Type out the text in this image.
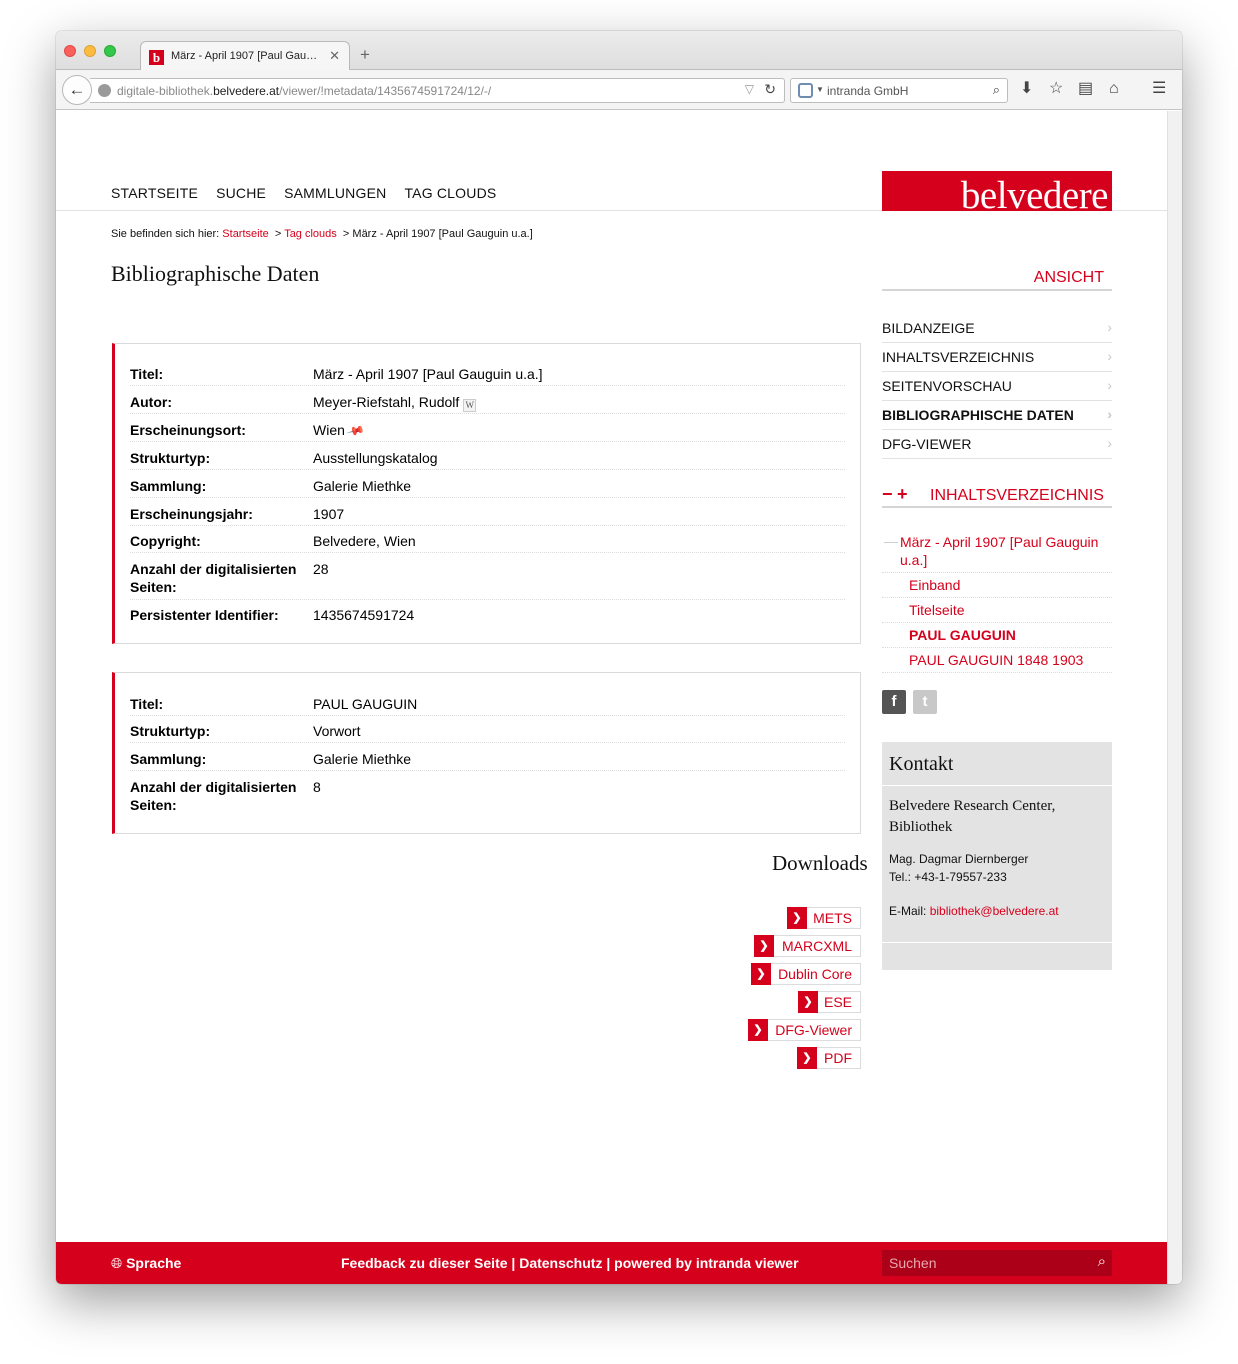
b März - April 1907 [Paul Gau… ✕ +
digitale-bibliothek.belvedere.at/viewer/!metadata/1435674591724/12/-/	▽ ↻
←	▼ intranda GmbH	⌕ ⬇ ☆ ▤ ⌂ ☰
STARTSEITE SUCHE SAMMLUNGEN TAG CLOUDS	belvedere
Sie befinden sich hier: Startseite > Tag clouds > März - April 1907 [Paul Gauguin u.a.]
Bibliographische Daten
Titel:	März - April 1907 [Paul Gauguin u.a.]
Autor:	Meyer-Riefstahl, Rudolf W
Erscheinungsort:	Wien📌
Strukturtyp:	Ausstellungskatalog
Sammlung:	Galerie Miethke
Erscheinungsjahr:	1907
Copyright:	Belvedere, Wien
Anzahl der digitalisierten Seiten:
28
Persistenter Identifier:	1435674591724
Titel:	PAUL GAUGUIN
Strukturtyp:	Vorwort
Sammlung:	Galerie Miethke
Anzahl der digitalisierten Seiten:
8
Downloads
❯ METS
❯ MARCXML
❯ Dublin Core
❯ ESE
❯ DFG-Viewer
❯ PDF
ANSICHT
BILDANZEIGE	›
INHALTSVERZEICHNIS	›
SEITENVORSCHAU	›
BIBLIOGRAPHISCHE DATEN ›
DFG-VIEWER	›
− + INHALTSVERZEICHNIS
— März - April 1907 [Paul Gauguin u.a.]
Einband
Titelseite
PAUL GAUGUIN
PAUL GAUGUIN 1848 1903
f	t
Kontakt
Belvedere Research Center, Bibliothek
Mag. Dagmar Diernberger
Tel.: +43-1-79557-233
E-Mail: bibliothek@belvedere.at
🌐︎ Sprache	Feedback zu dieser Seite | Datenschutz | powered by intranda viewer
Suchen	⌕
